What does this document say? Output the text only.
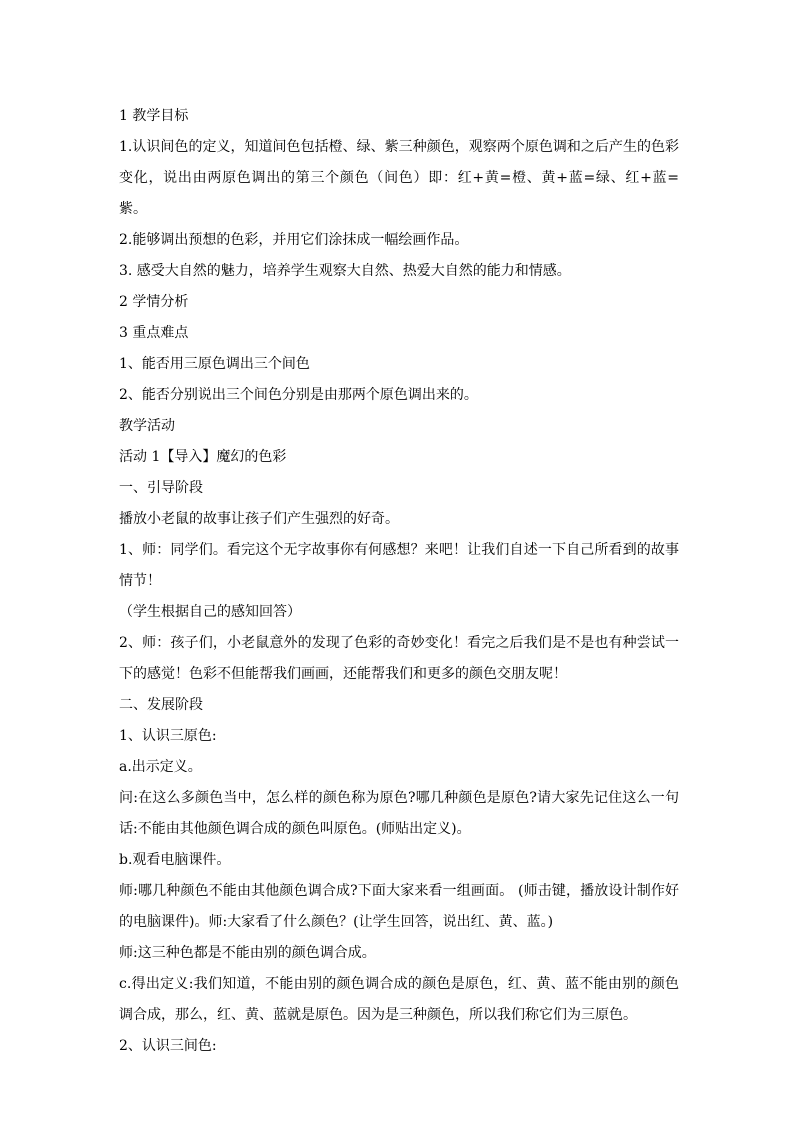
1 教学目标

1.认识间色的定义，知道间色包括橙、绿、紫三种颜色，观察两个原色调和之后产生的色彩变化，说出由两原色调出的第三个颜色（间色）即：红+黄=橙、黄+蓝=绿、红+蓝=紫。

2.能够调出预想的色彩，并用它们涂抹成一幅绘画作品。

3. 感受大自然的魅力，培养学生观察大自然、热爱大自然的能力和情感。

2 学情分析

3 重点难点

1、能否用三原色调出三个间色

2、能否分别说出三个间色分别是由那两个原色调出来的。

教学活动

活动 1【导入】魔幻的色彩

一、引导阶段

播放小老鼠的故事让孩子们产生强烈的好奇。

1、师：同学们。看完这个无字故事你有何感想？来吧！让我们自述一下自己所看到的故事情节！

（学生根据自己的感知回答）

2、师：孩子们，小老鼠意外的发现了色彩的奇妙变化！看完之后我们是不是也有种尝试一下的感觉！色彩不但能帮我们画画，还能帮我们和更多的颜色交朋友呢！

二、发展阶段

1、认识三原色:

a.出示定义。

问:在这么多颜色当中，怎么样的颜色称为原色?哪几种颜色是原色?请大家先记住这么一句话:不能由其他颜色调合成的颜色叫原色。(师贴出定义)。

b.观看电脑课件。

师:哪几种颜色不能由其他颜色调合成?下面大家来看一组画面。 (师击键，播放设计制作好的电脑课件)。师:大家看了什么颜色？(让学生回答，说出红、黄、蓝。)

师:这三种色都是不能由别的颜色调合成。

c.得出定义:我们知道，不能由别的颜色调合成的颜色是原色，红、黄、蓝不能由别的颜色调合成，那么，红、黄、蓝就是原色。因为是三种颜色，所以我们称它们为三原色。

2、认识三间色:
